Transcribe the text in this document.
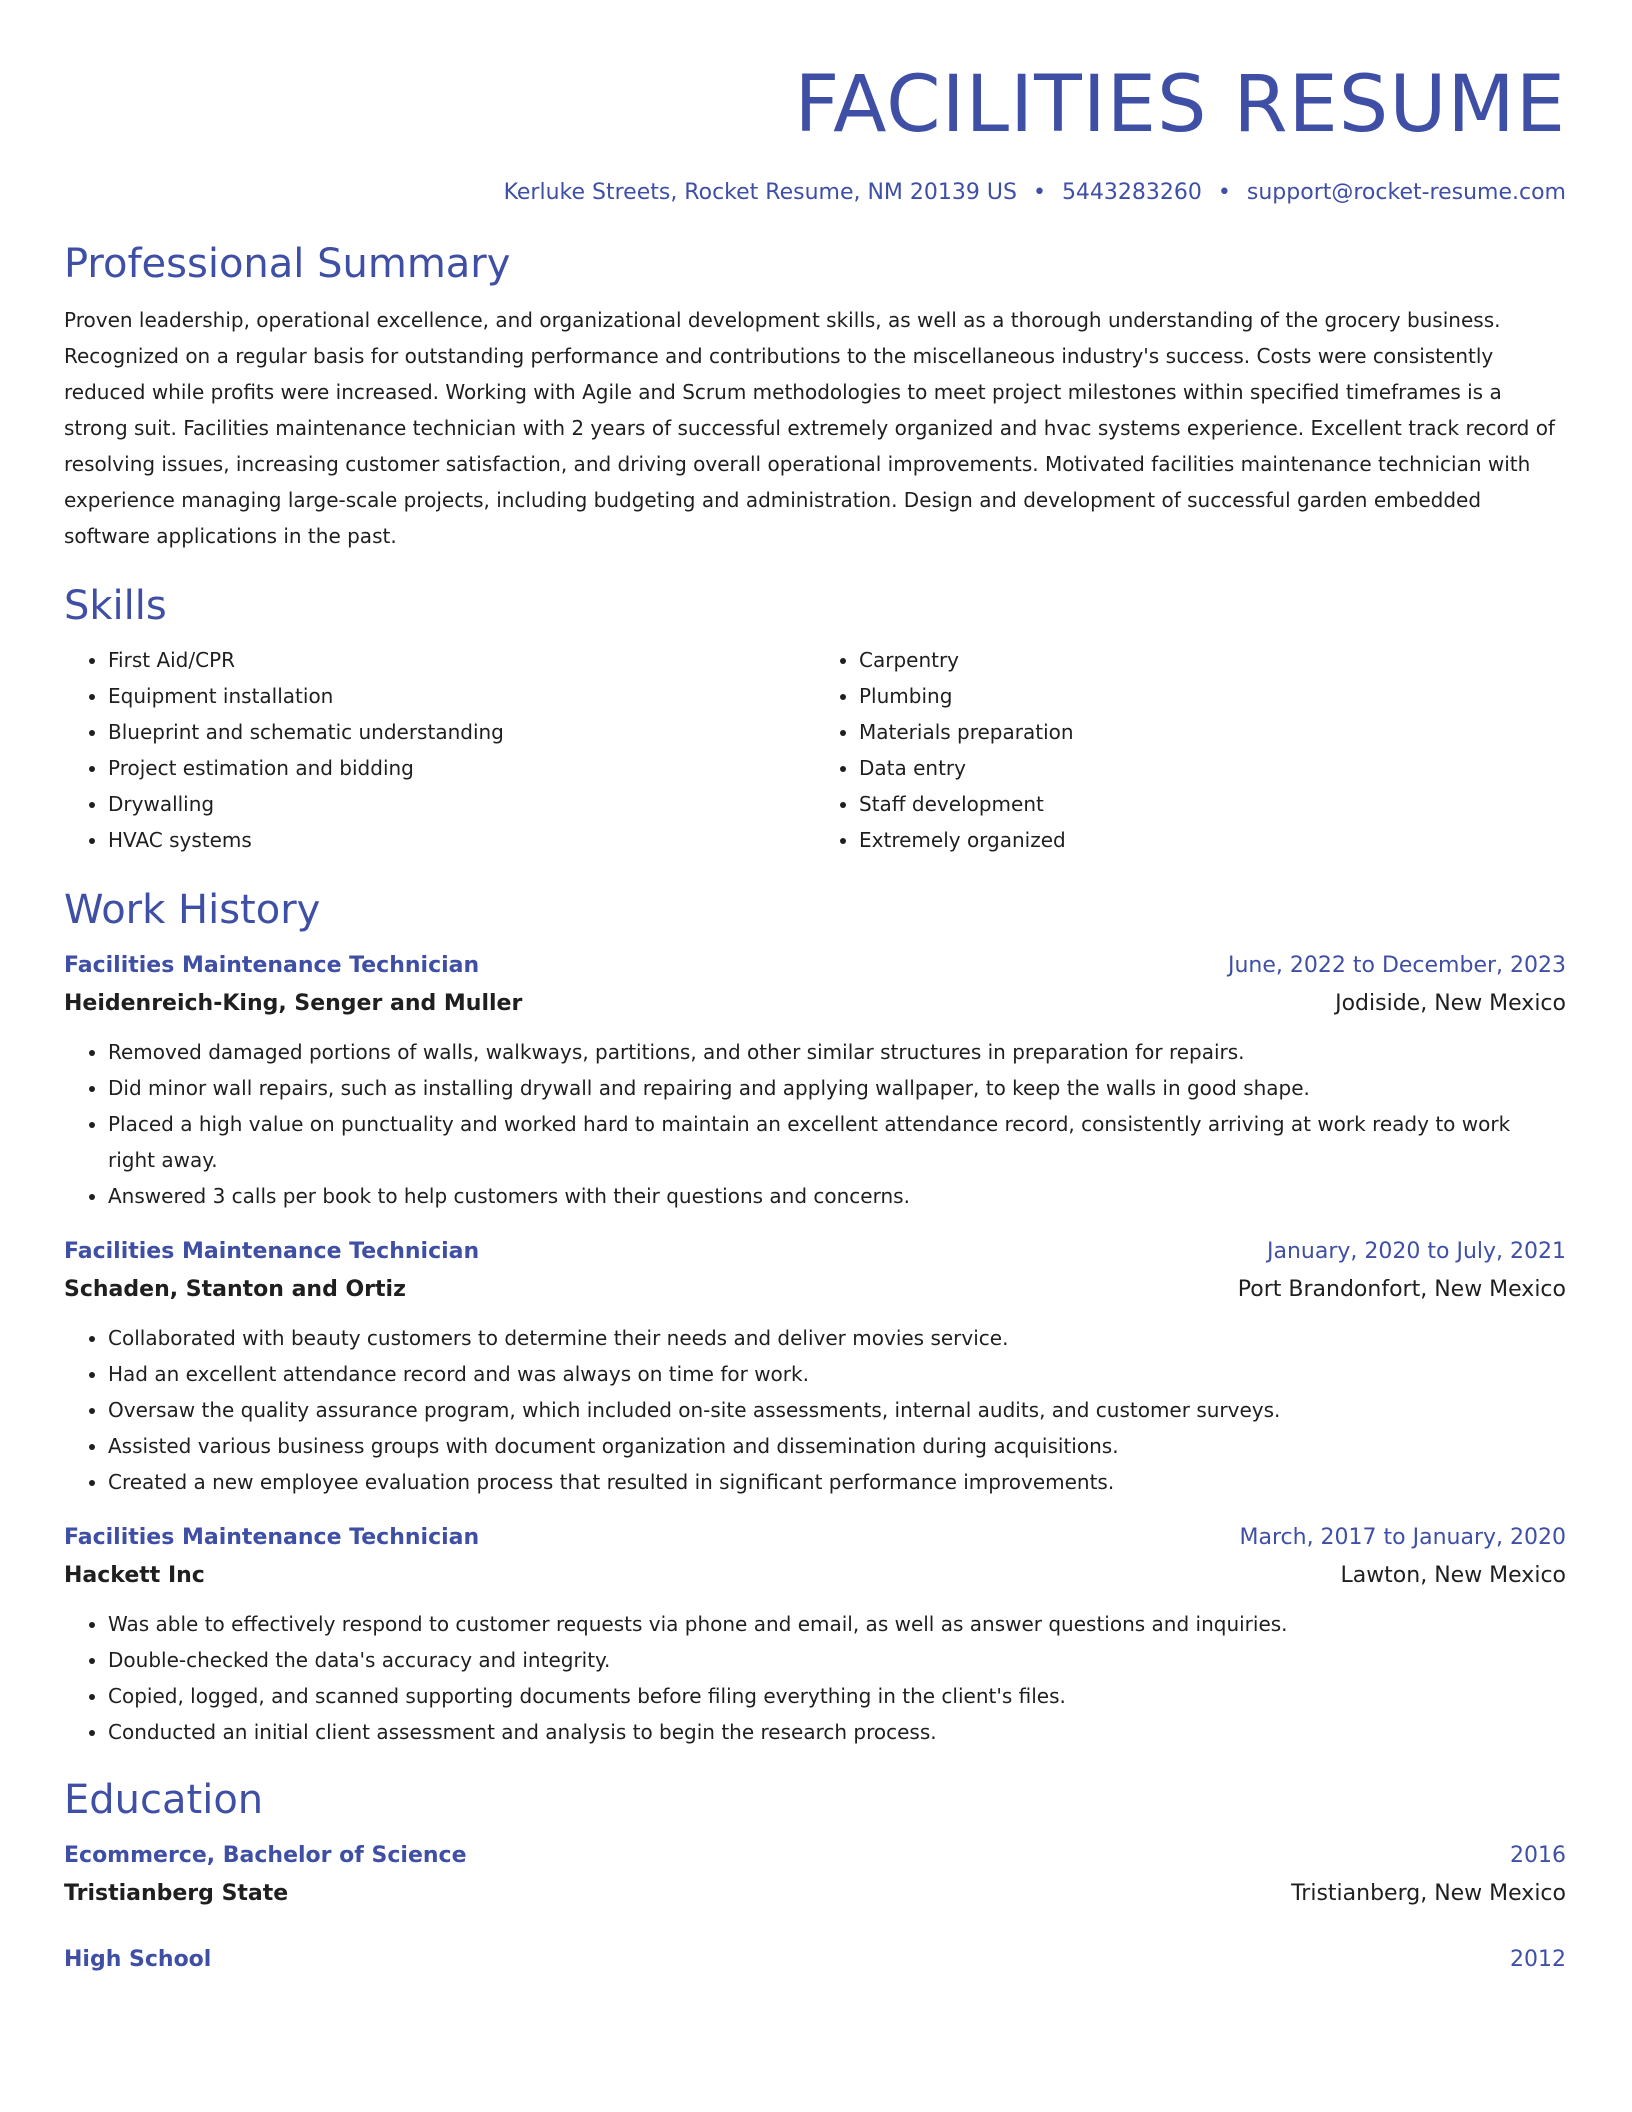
FACILITIES RESUME
Kerluke Streets, Rocket Resume, NM 20139 US • 5443283260 • support@rocket-resume.com
Professional Summary

Proven leadership, operational excellence, and organizational development skills, as well as a thorough understanding of the grocery business. Recognized on a regular basis for outstanding performance and contributions to the miscellaneous industry's success. Costs were consistently reduced while profits were increased. Working with Agile and Scrum methodologies to meet project milestones within specified timeframes is a strong suit. Facilities maintenance technician with 2 years of successful extremely organized and hvac systems experience. Excellent track record of resolving issues, increasing customer satisfaction, and driving overall operational improvements. Motivated facilities maintenance technician with experience managing large-scale projects, including budgeting and administration. Design and development of successful garden embedded software applications in the past.

Skills
• First Aid/CPR
• Equipment installation
• Blueprint and schematic understanding
• Project estimation and bidding
• Drywalling
• HVAC systems
• Carpentry
• Plumbing
• Materials preparation
• Data entry
• Staff development
• Extremely organized
Work History
Facilities Maintenance Technician	June, 2022 to December, 2023
Heidenreich-King, Senger and Muller	Jodiside, New Mexico
• Removed damaged portions of walls, walkways, partitions, and other similar structures in preparation for repairs.
• Did minor wall repairs, such as installing drywall and repairing and applying wallpaper, to keep the walls in good shape.
• Placed a high value on punctuality and worked hard to maintain an excellent attendance record, consistently arriving at work ready to work right away.
• Answered 3 calls per book to help customers with their questions and concerns.
Facilities Maintenance Technician	January, 2020 to July, 2021
Schaden, Stanton and Ortiz	Port Brandonfort, New Mexico
• Collaborated with beauty customers to determine their needs and deliver movies service.
• Had an excellent attendance record and was always on time for work.
• Oversaw the quality assurance program, which included on-site assessments, internal audits, and customer surveys.
• Assisted various business groups with document organization and dissemination during acquisitions.
• Created a new employee evaluation process that resulted in significant performance improvements.
Facilities Maintenance Technician	March, 2017 to January, 2020
Hackett Inc	Lawton, New Mexico
• Was able to effectively respond to customer requests via phone and email, as well as answer questions and inquiries.
• Double-checked the data's accuracy and integrity.
• Copied, logged, and scanned supporting documents before filing everything in the client's files.
• Conducted an initial client assessment and analysis to begin the research process.
Education
Ecommerce, Bachelor of Science	2016
Tristianberg State	Tristianberg, New Mexico
High School	2012
